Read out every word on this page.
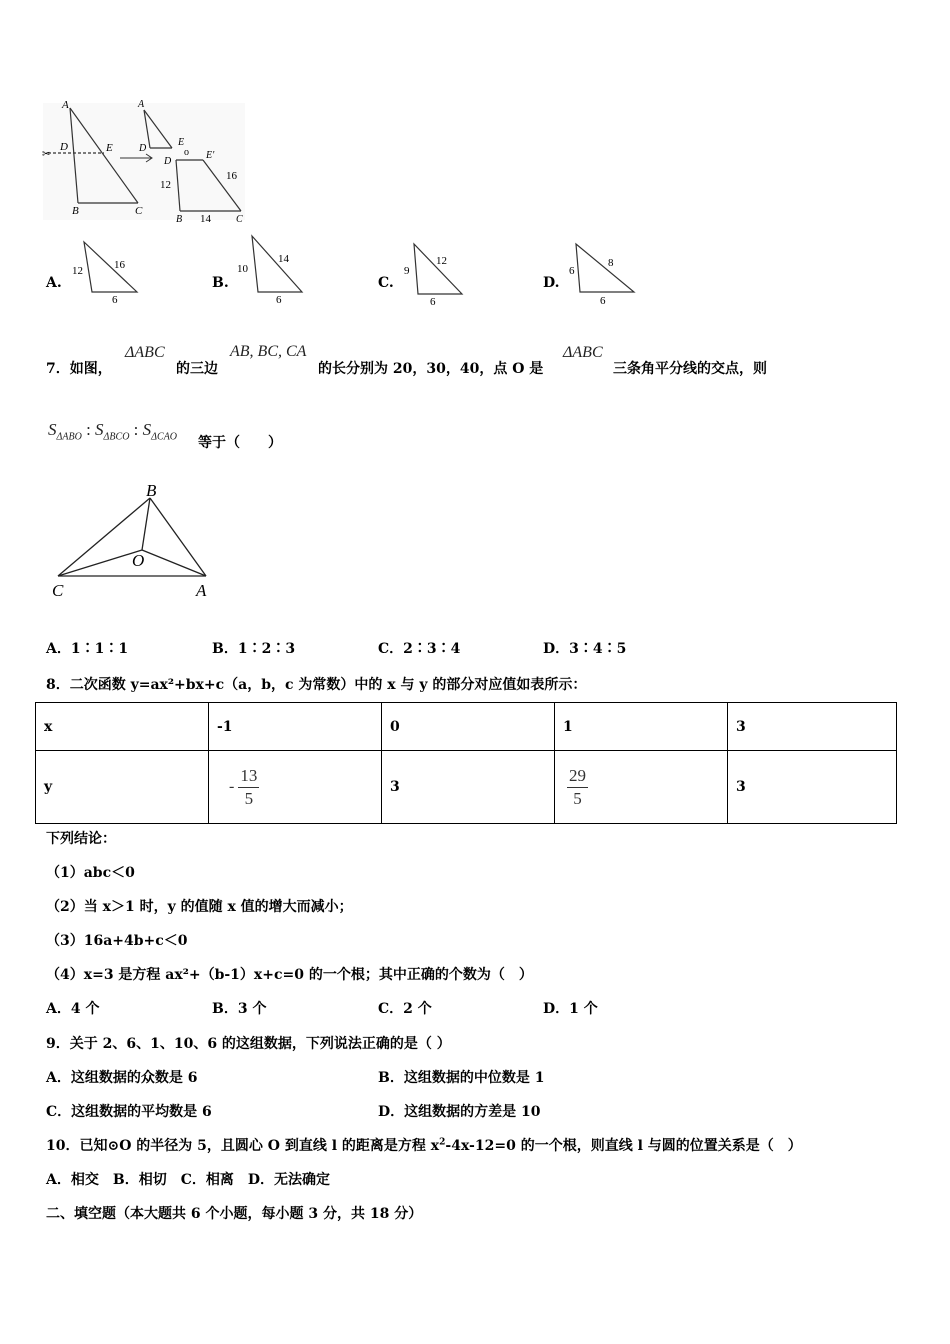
A
D	E
B	C
✂
A
E
D	o
D
E'
12
16
B 14	C
A.
12	16
6
B.
10
14
6
C.
9
12
6
D.
6
8
6
7．如图，
ΔABC
的三边
AB, BC, CA
的长分别为 20，30，40，点 O 是
ΔABC
三条角平分线的交点，则
$S_{\Delta ABO}$ : $S_{\Delta BCO}$ : $S_{\Delta CAO}$ 等于（　　）
B
O
C	A
A．1∶1∶1	B．1∶2∶3	C．2∶3∶4	D．3∶4∶5
8．二次函数 y=ax²+bx+c（a，b，c 为常数）中的 x 与 y 的部分对应值如表所示：
x	-1	0	1	3
y	- $\frac{13}{5}$	3	$\frac{29}{5}$	3
下列结论：
（1）abc＜0
（2）当 x＞1 时，y 的值随 x 值的增大而减小；
（3）16a+4b+c＜0
（4）x=3 是方程 ax²+（b-1）x+c=0 的一个根；其中正确的个数为（　）
A．4 个	B．3 个	C．2 个	D．1 个
9．关于 2、6、1、10、6 的这组数据，下列说法正确的是（ ）
A．这组数据的众数是 6	B．这组数据的中位数是 1
C．这组数据的平均数是 6	D．这组数据的方差是 10
10．已知⊙O 的半径为 5，且圆心 O 到直线 l 的距离是方程 $x^2-4x-12=0$ 的一个根，则直线 l 与圆的位置关系是（　）
A．相交　B．相切　C．相离　D．无法确定
二、填空题（本大题共 6 个小题，每小题 3 分，共 18 分）
